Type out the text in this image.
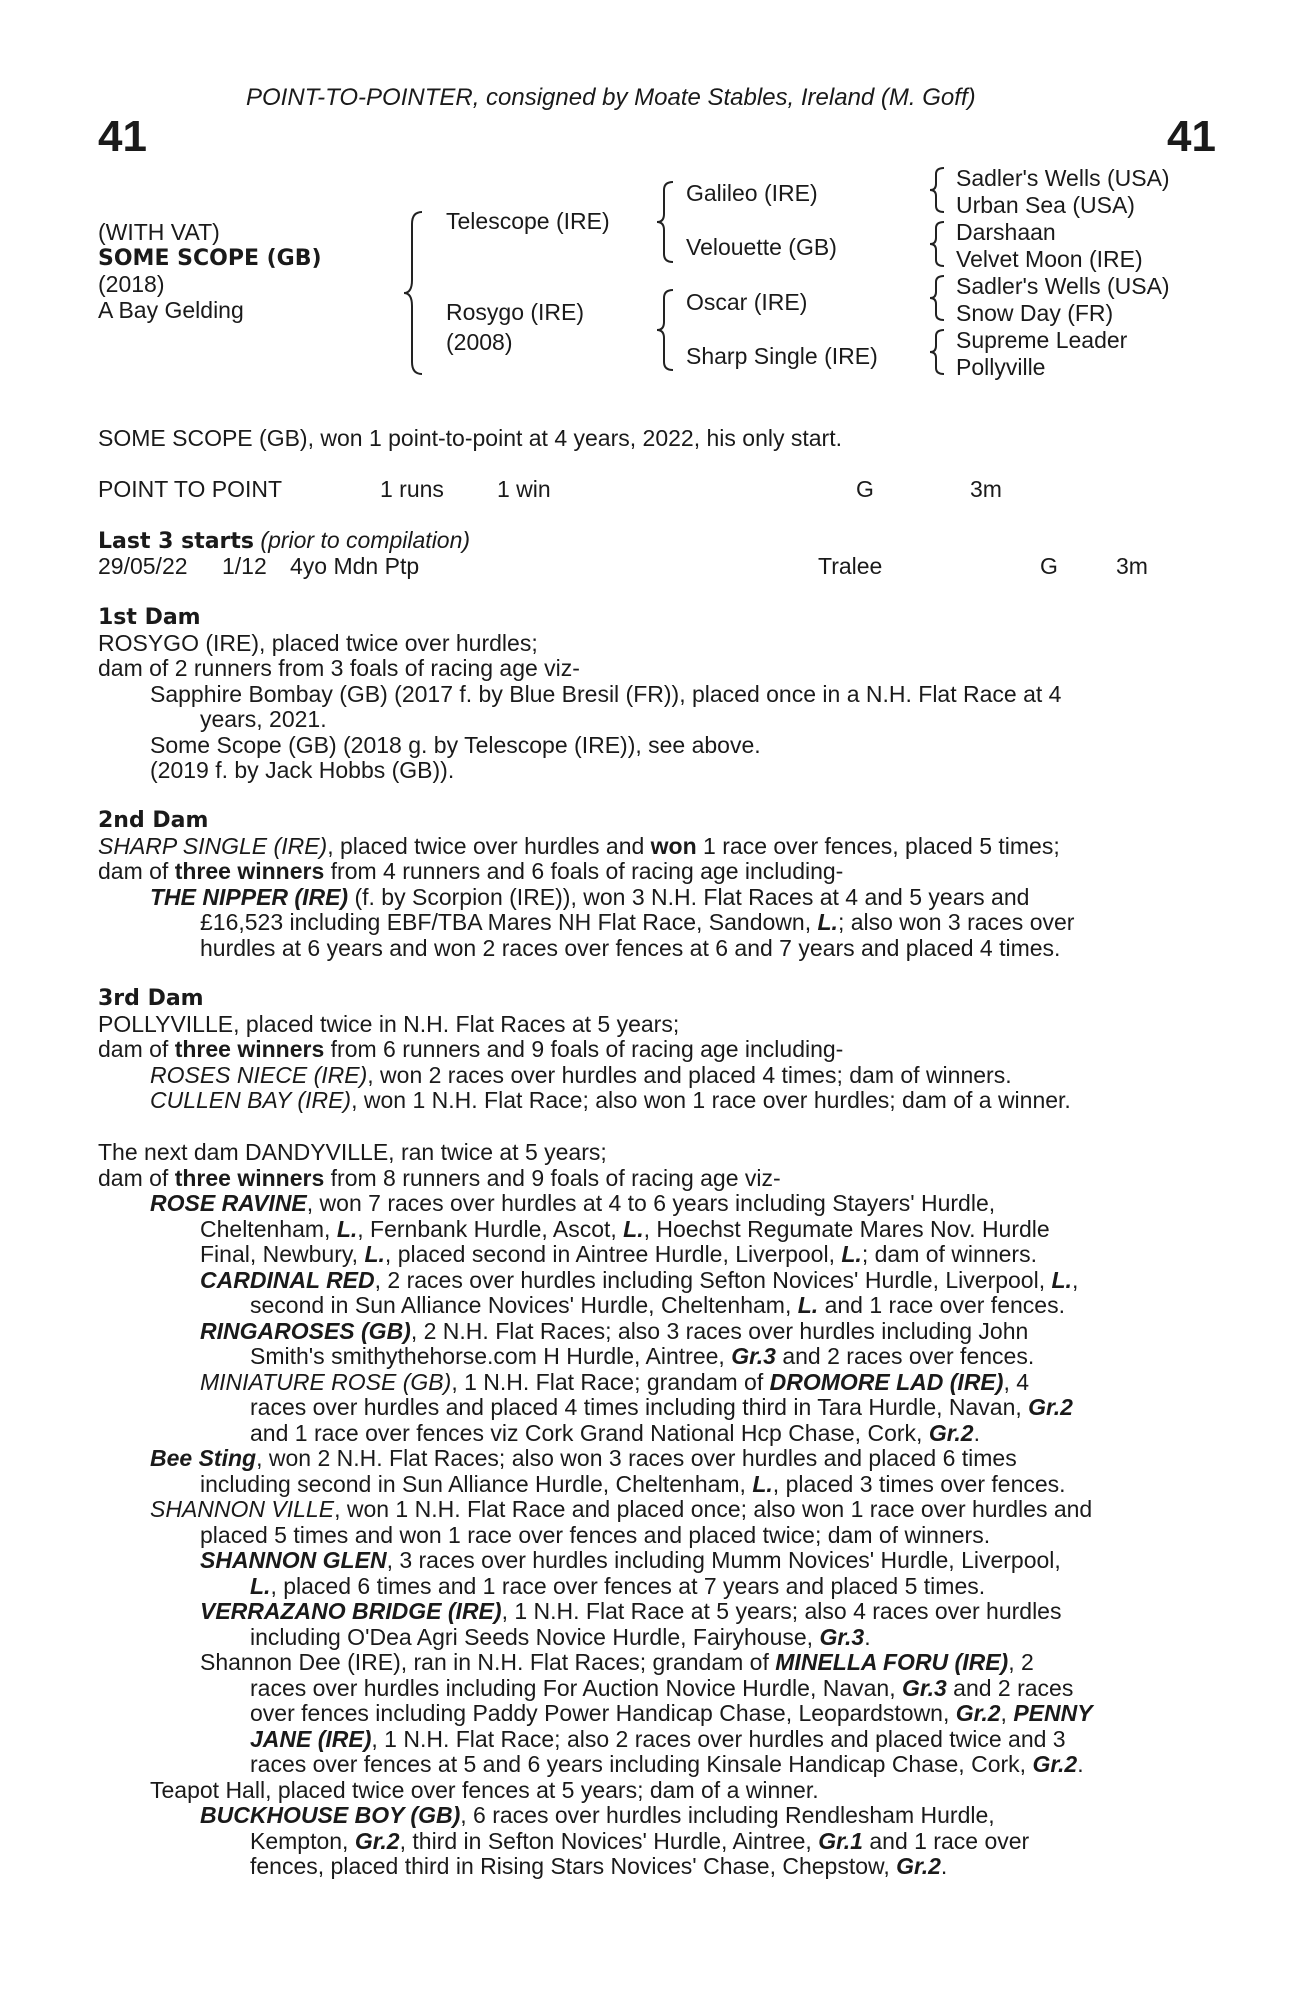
POINT-TO-POINTER, consigned by Moate Stables, Ireland (M. Goff)
41	41
(WITH VAT)
SOME SCOPE (GB)
(2018)
A Bay Gelding
Telescope (IRE)
Rosygo (IRE)
(2008)
Galileo (IRE)
Velouette (GB)
Oscar (IRE)
Sharp Single (IRE)
Sadler's Wells (USA)
Urban Sea (USA)
Darshaan
Velvet Moon (IRE)
Sadler's Wells (USA)
Snow Day (FR)
Supreme Leader
Pollyville
SOME SCOPE (GB), won 1 point-to-point at 4 years, 2022, his only start.
POINT TO POINT	1 runs 1 win	G	3m
Last 3 starts (prior to compilation)
29/05/22 1/12 4yo Mdn Ptp	Tralee	G	3m
1st Dam
ROSYGO (IRE), placed twice over hurdles;
dam of 2 runners from 3 foals of racing age viz-
Sapphire Bombay (GB) (2017 f. by Blue Bresil (FR)), placed once in a N.H. Flat Race at 4
years, 2021.
Some Scope (GB) (2018 g. by Telescope (IRE)), see above.
(2019 f. by Jack Hobbs (GB)).
2nd Dam
SHARP SINGLE (IRE), placed twice over hurdles and won 1 race over fences, placed 5 times;
dam of three winners from 4 runners and 6 foals of racing age including-
THE NIPPER (IRE) (f. by Scorpion (IRE)), won 3 N.H. Flat Races at 4 and 5 years and
£16,523 including EBF/TBA Mares NH Flat Race, Sandown, L.; also won 3 races over
hurdles at 6 years and won 2 races over fences at 6 and 7 years and placed 4 times.
3rd Dam
POLLYVILLE, placed twice in N.H. Flat Races at 5 years;
dam of three winners from 6 runners and 9 foals of racing age including-
ROSES NIECE (IRE), won 2 races over hurdles and placed 4 times; dam of winners.
CULLEN BAY (IRE), won 1 N.H. Flat Race; also won 1 race over hurdles; dam of a winner.
The next dam DANDYVILLE, ran twice at 5 years;
dam of three winners from 8 runners and 9 foals of racing age viz-
ROSE RAVINE, won 7 races over hurdles at 4 to 6 years including Stayers' Hurdle,
Cheltenham, L., Fernbank Hurdle, Ascot, L., Hoechst Regumate Mares Nov. Hurdle
Final, Newbury, L., placed second in Aintree Hurdle, Liverpool, L.; dam of winners.
CARDINAL RED, 2 races over hurdles including Sefton Novices' Hurdle, Liverpool, L.,
second in Sun Alliance Novices' Hurdle, Cheltenham, L. and 1 race over fences.
RINGAROSES (GB), 2 N.H. Flat Races; also 3 races over hurdles including John
Smith's smithythehorse.com H Hurdle, Aintree, Gr.3 and 2 races over fences.
MINIATURE ROSE (GB), 1 N.H. Flat Race; grandam of DROMORE LAD (IRE), 4
races over hurdles and placed 4 times including third in Tara Hurdle, Navan, Gr.2
and 1 race over fences viz Cork Grand National Hcp Chase, Cork, Gr.2.
Bee Sting, won 2 N.H. Flat Races; also won 3 races over hurdles and placed 6 times
including second in Sun Alliance Hurdle, Cheltenham, L., placed 3 times over fences.
SHANNON VILLE, won 1 N.H. Flat Race and placed once; also won 1 race over hurdles and
placed 5 times and won 1 race over fences and placed twice; dam of winners.
SHANNON GLEN, 3 races over hurdles including Mumm Novices' Hurdle, Liverpool,
L., placed 6 times and 1 race over fences at 7 years and placed 5 times.
VERRAZANO BRIDGE (IRE), 1 N.H. Flat Race at 5 years; also 4 races over hurdles
including O'Dea Agri Seeds Novice Hurdle, Fairyhouse, Gr.3.
Shannon Dee (IRE), ran in N.H. Flat Races; grandam of MINELLA FORU (IRE), 2
races over hurdles including For Auction Novice Hurdle, Navan, Gr.3 and 2 races
over fences including Paddy Power Handicap Chase, Leopardstown, Gr.2, PENNY
JANE (IRE), 1 N.H. Flat Race; also 2 races over hurdles and placed twice and 3
races over fences at 5 and 6 years including Kinsale Handicap Chase, Cork, Gr.2.
Teapot Hall, placed twice over fences at 5 years; dam of a winner.
BUCKHOUSE BOY (GB), 6 races over hurdles including Rendlesham Hurdle,
Kempton, Gr.2, third in Sefton Novices' Hurdle, Aintree, Gr.1 and 1 race over
fences, placed third in Rising Stars Novices' Chase, Chepstow, Gr.2.
